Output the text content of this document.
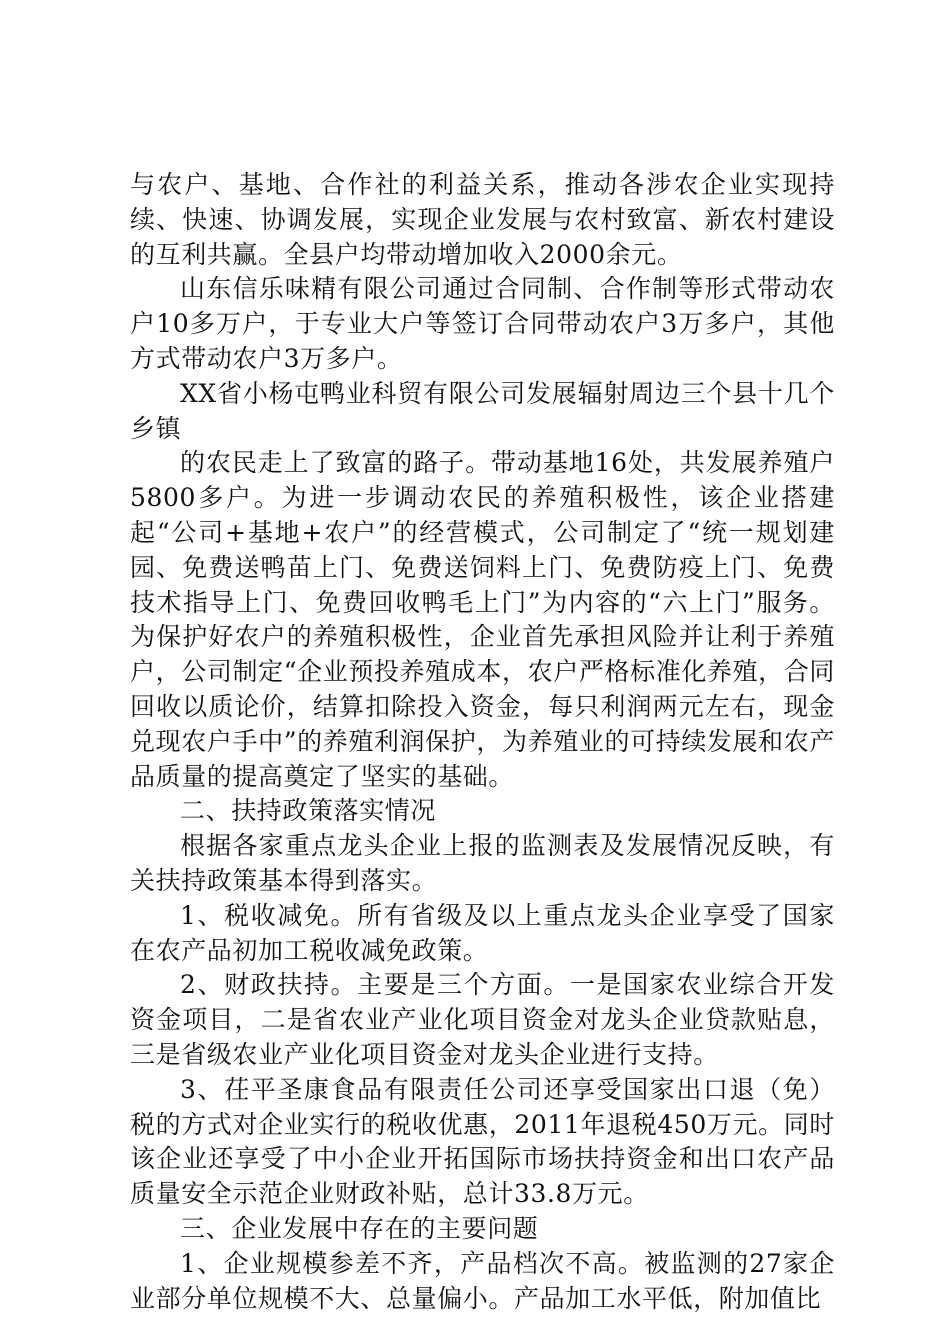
与农户、基地、合作社的利益关系，推动各涉农企业实现持续、快速、协调发展，实现企业发展与农村致富、新农村建设的互利共赢。全县户均带动增加收入2000余元。

山东信乐味精有限公司通过合同制、合作制等形式带动农户10多万户，于专业大户等签订合同带动农户3万多户，其他方式带动农户3万多户。

XX省小杨屯鸭业科贸有限公司发展辐射周边三个县十几个乡镇

的农民走上了致富的路子。带动基地16处，共发展养殖户5800多户。为进一步调动农民的养殖积极性，该企业搭建起“公司+基地+农户”的经营模式，公司制定了“统一规划建园、免费送鸭苗上门、免费送饲料上门、免费防疫上门、免费技术指导上门、免费回收鸭毛上门”为内容的“六上门”服务。为保护好农户的养殖积极性，企业首先承担风险并让利于养殖户，公司制定“企业预投养殖成本，农户严格标准化养殖，合同回收以质论价，结算扣除投入资金，每只利润两元左右，现金兑现农户手中”的养殖利润保护，为养殖业的可持续发展和农产品质量的提高奠定了坚实的基础。

二、扶持政策落实情况

根据各家重点龙头企业上报的监测表及发展情况反映，有关扶持政策基本得到落实。

1、税收减免。所有省级及以上重点龙头企业享受了国家在农产品初加工税收减免政策。

2、财政扶持。主要是三个方面。一是国家农业综合开发资金项目，二是省农业产业化项目资金对龙头企业贷款贴息，三是省级农业产业化项目资金对龙头企业进行支持。

3、茌平圣康食品有限责任公司还享受国家出口退（免）税的方式对企业实行的税收优惠，2011年退税450万元。同时该企业还享受了中小企业开拓国际市场扶持资金和出口农产品质量安全示范企业财政补贴，总计33.8万元。

三、企业发展中存在的主要问题

1、企业规模参差不齐，产品档次不高。被监测的27家企业部分单位规模不大、总量偏小。产品加工水平低，附加值比
